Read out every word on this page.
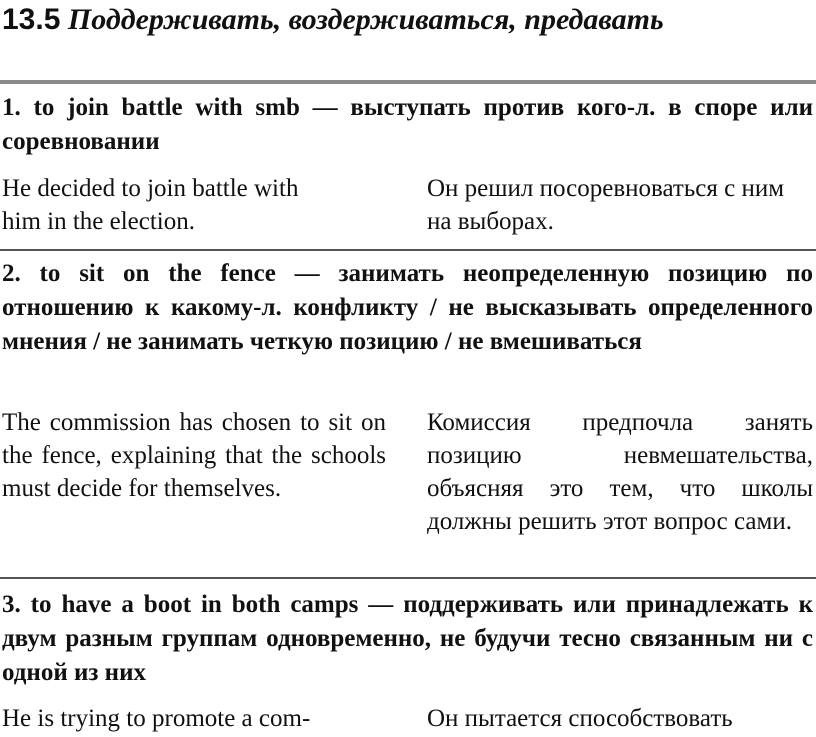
13.5 Поддерживать, воздерживаться, предавать
1. to join battle with smb — выступать против кого-л. в споре или соревновании
He decided to join battle with him in the election.
Он решил посоревноваться с ним на выборах.
2. to sit on the fence — занимать неопределенную позицию по отношению к какому-л. конфликту / не высказывать определенного мнения / не занимать четкую позицию / не вмешиваться
The commission has chosen to sit on the fence, explaining that the schools must decide for themselves.
Комиссия предпочла занять позицию невмешательства, объясняя это тем, что школы должны решить этот вопрос сами.
3. to have a boot in both camps — поддерживать или принадлежать к двум разным группам одновременно, не будучи тесно связанным ни с одной из них
He is trying to promote a com-	Он пытается способствовать
